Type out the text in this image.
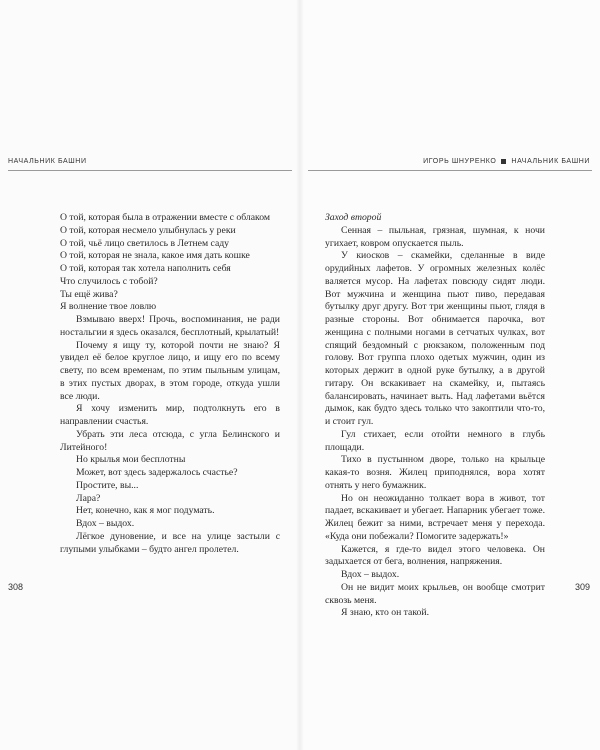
НАЧАЛЬНИК БАШНИ

О той, которая была в отражении вместе с облаком

О той, которая несмело улыбнулась у реки

О той, чьё лицо светилось в Летнем саду

О той, которая не знала, какое имя дать кошке

О той, которая так хотела наполнить себя

Что случилось с тобой?

Ты ещё жива?

Я волнение твое ловлю

Взмываю вверх! Прочь, воспоминания, не ради ностальгии я здесь оказался, бесплотный, крылатый!

Почему я ищу ту, которой почти не знаю? Я увидел её белое круглое лицо, и ищу его по всему свету, по всем временам, по этим пыльным улицам, в этих пустых дворах, в этом городе, откуда ушли все люди.

Я хочу изменить мир, подтолкнуть его в направлении счастья.

Убрать эти леса отсюда, с угла Белинского и Литейного!

Но крылья мои бесплотны

Может, вот здесь задержалось счастье?

Простите, вы...

Лара?

Нет, конечно, как я мог подумать.

Вдох – выдох.

Лёгкое дуновение, и все на улице застыли с глупыми улыбками – будто ангел пролетел.

308
ИГОРЬ ШНУРЕНКО НАЧАЛЬНИК БАШНИ

Заход второй

Сенная – пыльная, грязная, шумная, к ночи угихает, ковром опускается пыль.

У киосков – скамейки, сделанные в виде орудийных лафетов. У огромных железных колёс валяется мусор. На лафетах повсюду сидят люди. Вот мужчина и женщина пьют пиво, передавая бутылку друг другу. Вот три женщины пьют, глядя в разные стороны. Вот обнимается парочка, вот женщина с полными ногами в сетчатых чулках, вот спящий бездомный с рюкзаком, положенным под голову. Вот группа плохо одетых мужчин, один из которых держит в одной руке бутылку, а в другой гитару. Он вскакивает на скамейку, и, пытаясь балансировать, начинает выть. Над лафетами вьётся дымок, как будто здесь только что закоптили что-то, и стоит гул.

Гул стихает, если отойти немного в глубь площади.

Тихо в пустынном дворе, только на крыльце какая-то возня. Жилец приподнялся, вора хотят отнять у него бумажник.

Но он неожиданно толкает вора в живот, тот падает, вскакивает и убегает. Напарник убегает тоже. Жилец бежит за ними, встречает меня у перехода. «Куда они побежали? Помогите задержать!»

Кажется, я где-то видел этого человека. Он задыхается от бега, волнения, напряжения.

Вдох – выдох.

Он не видит моих крыльев, он вообще смотрит сквозь меня.

Я знаю, кто он такой.

309
